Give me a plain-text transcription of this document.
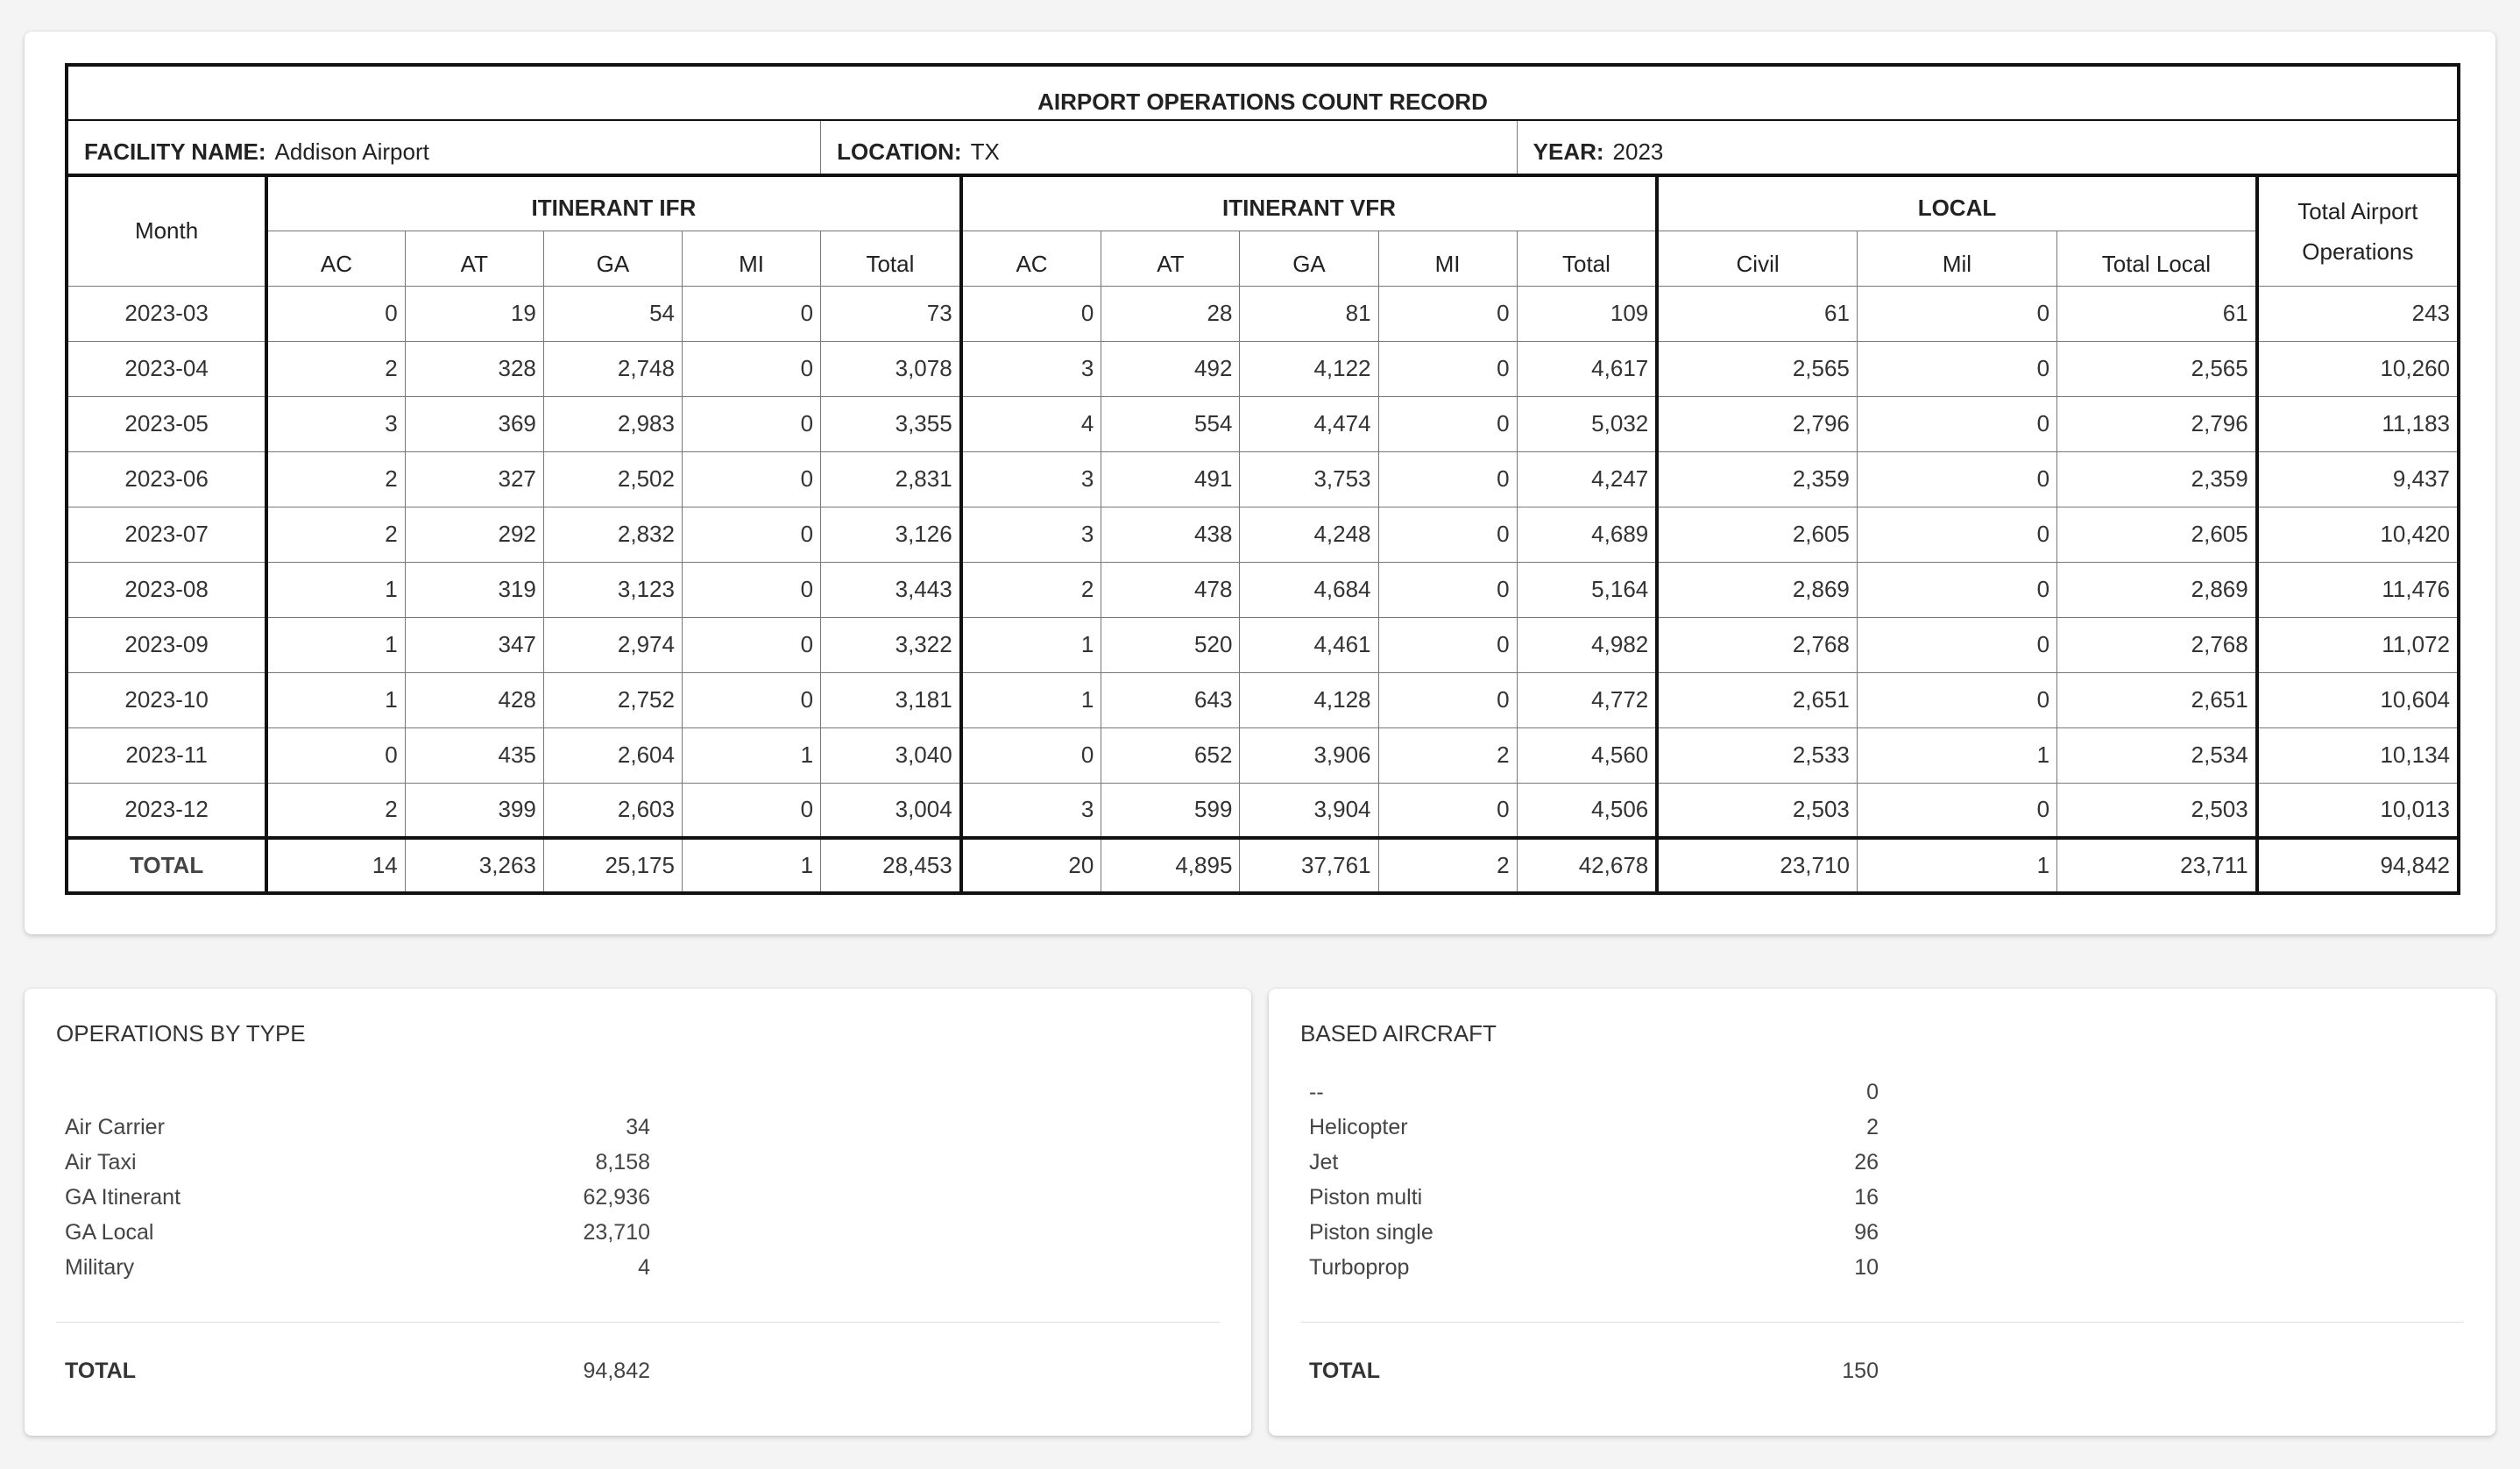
AIRPORT OPERATIONS COUNT RECORD														
FACILITY NAME: Addison Airport					LOCATION: TX					YEAR: 2023				
Month	ITINERANT IFR					ITINERANT VFR					LOCAL			Total Airport
Operations
	AC	AT	GA	MI	Total	AC	AT	GA	MI	Total	Civil	Mil	Total Local	
2023-03	0	19	54	0	73	0	28	81	0	109	61	0	61	243
2023-04	2	328	2,748	0	3,078	3	492	4,122	0	4,617	2,565	0	2,565	10,260
2023-05	3	369	2,983	0	3,355	4	554	4,474	0	5,032	2,796	0	2,796	11,183
2023-06	2	327	2,502	0	2,831	3	491	3,753	0	4,247	2,359	0	2,359	9,437
2023-07	2	292	2,832	0	3,126	3	438	4,248	0	4,689	2,605	0	2,605	10,420
2023-08	1	319	3,123	0	3,443	2	478	4,684	0	5,164	2,869	0	2,869	11,476
2023-09	1	347	2,974	0	3,322	1	520	4,461	0	4,982	2,768	0	2,768	11,072
2023-10	1	428	2,752	0	3,181	1	643	4,128	0	4,772	2,651	0	2,651	10,604
2023-11	0	435	2,604	1	3,040	0	652	3,906	2	4,560	2,533	1	2,534	10,134
2023-12	2	399	2,603	0	3,004	3	599	3,904	0	4,506	2,503	0	2,503	10,013
TOTAL	14	3,263	25,175	1	28,453	20	4,895	37,761	2	42,678	23,710	1	23,711	94,842
OPERATIONS BY TYPE
Air Carrier	34
Air Taxi	8,158
GA Itinerant	62,936
GA Local	23,710
Military	4
TOTAL	94,842
BASED AIRCRAFT
--	0
Helicopter	2
Jet	26
Piston multi	16
Piston single	96
Turboprop	10
TOTAL	150
